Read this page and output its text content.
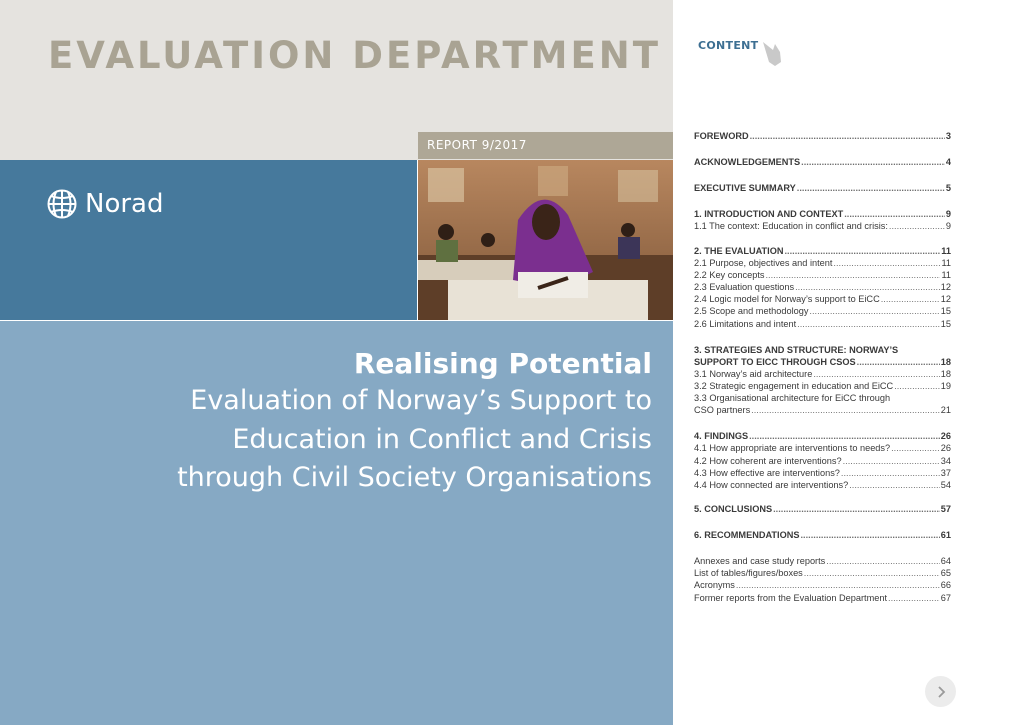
EVALUATION DEPARTMENT
REPORT 9/2017
Norad
Realising Potential
Evaluation of Norway’s Support to
Education in Conflict and Crisis
through Civil Society Organisations
CONTENT
FOREWORD .....	3
ACKNOWLEDGEMENTS .....	4
EXECUTIVE SUMMARY .....	5
1. INTRODUCTION AND CONTEXT .....	9
1.1 The context: Education in conflict and crisis: .....	9
2. THE EVALUATION .....	11
2.1 Purpose, objectives and intent .....	11
2.2 Key concepts .....	11
2.3 Evaluation questions .....	12
2.4 Logic model for Norway’s support to EiCC .....	12
2.5 Scope and methodology .....	15
2.6 Limitations and intent .....	15
3. STRATEGIES AND STRUCTURE: NORWAY’S
SUPPORT TO EICC THROUGH CSOS .....	18
3.1 Norway’s aid architecture .....	18
3.2 Strategic engagement in education and EiCC .....	19
3.3 Organisational architecture for EiCC through
CSO partners .....	21
4. FINDINGS .....	26
4.1 How appropriate are interventions to needs? .....	26
4.2 How coherent are interventions? .....	34
4.3 How effective are interventions? .....	37
4.4 How connected are interventions? .....	54
5. CONCLUSIONS .....	57
6. RECOMMENDATIONS .....	61
Annexes and case study reports .....	64
List of tables/figures/boxes .....	65
Acronyms .....	66
Former reports from the Evaluation Department .....	67
